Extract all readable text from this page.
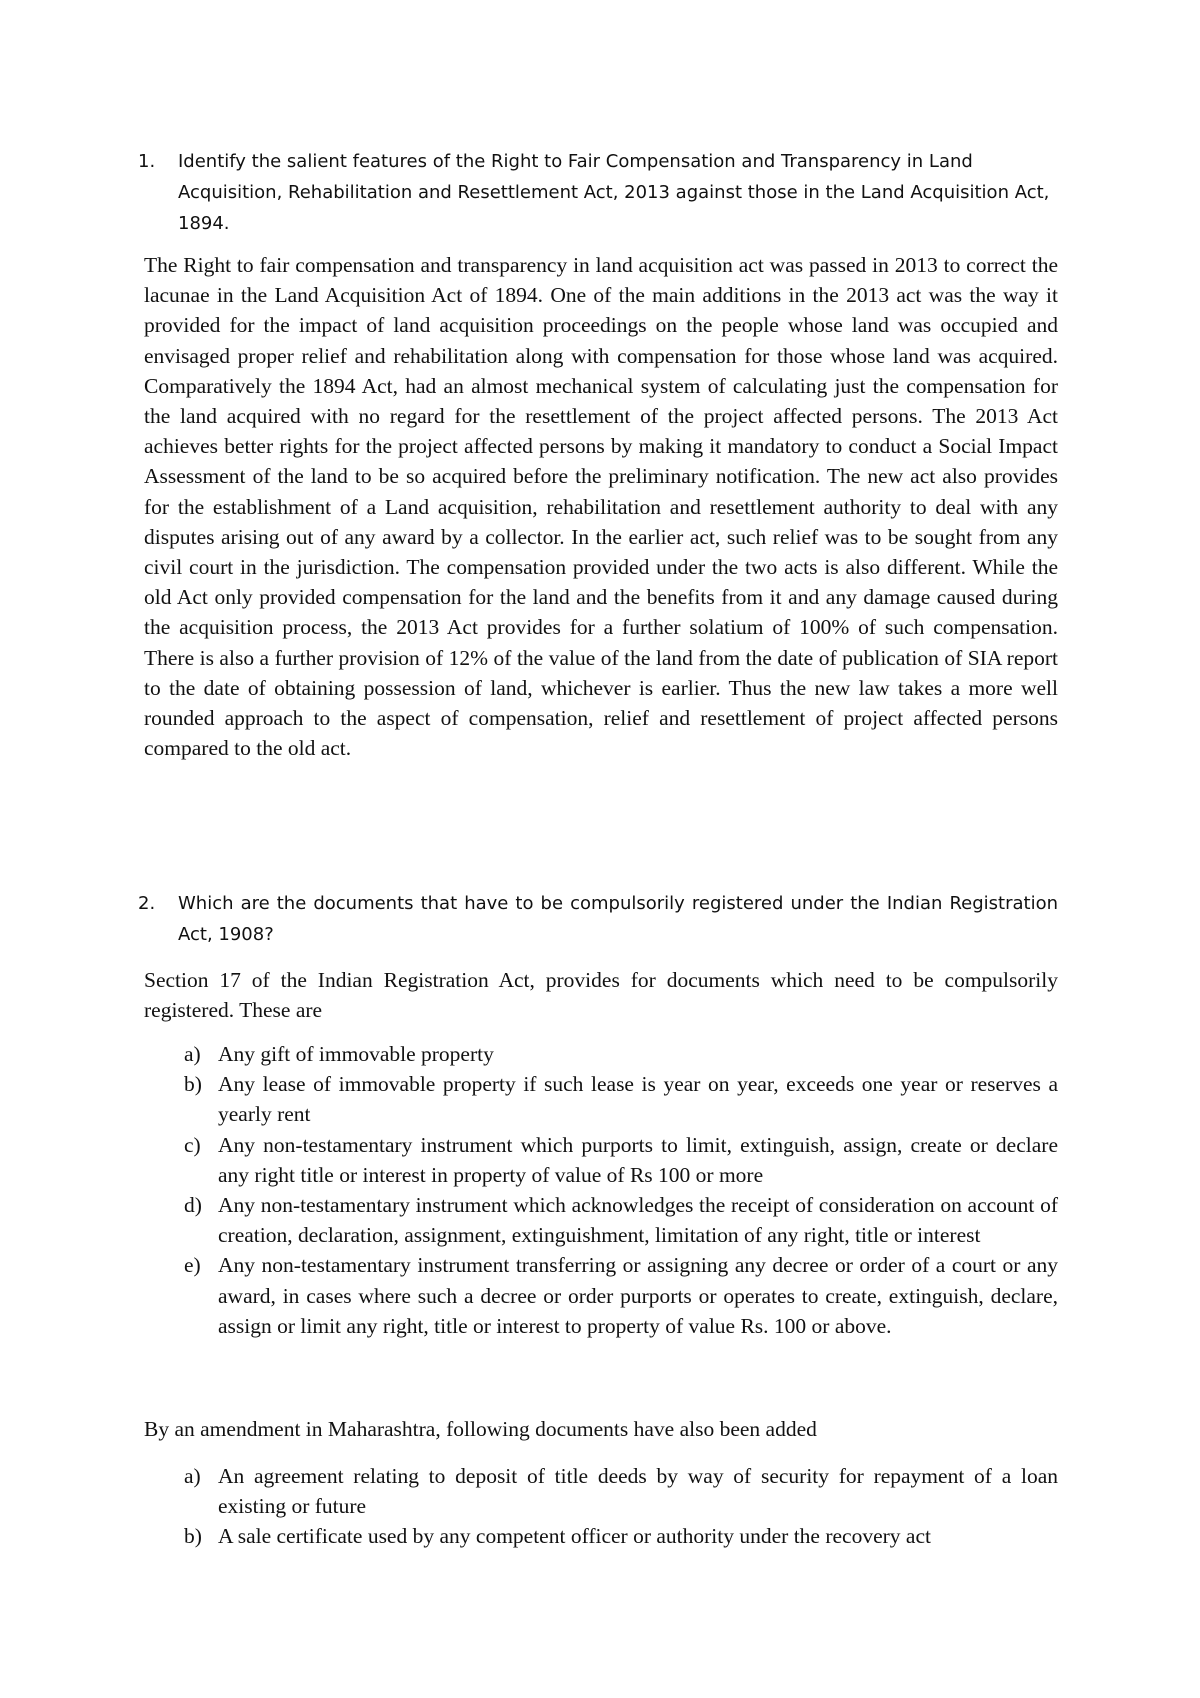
1. Identify the salient features of the Right to Fair Compensation and Transparency in Land Acquisition, Rehabilitation and Resettlement Act, 2013 against those in the Land Acquisition Act, 1894.
The Right to fair compensation and transparency in land acquisition act was passed in 2013 to correct the lacunae in the Land Acquisition Act of 1894. One of the main additions in the 2013 act was the way it provided for the impact of land acquisition proceedings on the people whose land was occupied and envisaged proper relief and rehabilitation along with compensation for those whose land was acquired. Comparatively the 1894 Act, had an almost mechanical system of calculating just the compensation for the land acquired with no regard for the resettlement of the project affected persons. The 2013 Act achieves better rights for the project affected persons by making it mandatory to conduct a Social Impact Assessment of the land to be so acquired before the preliminary notification. The new act also provides for the establishment of a Land acquisition, rehabilitation and resettlement authority to deal with any disputes arising out of any award by a collector. In the earlier act, such relief was to be sought from any civil court in the jurisdiction. The compensation provided under the two acts is also different. While the old Act only provided compensation for the land and the benefits from it and any damage caused during the acquisition process, the 2013 Act provides for a further solatium of 100% of such compensation. There is also a further provision of 12% of the value of the land from the date of publication of SIA report to the date of obtaining possession of land, whichever is earlier. Thus the new law takes a more well rounded approach to the aspect of compensation, relief and resettlement of project affected persons compared to the old act.
2. Which are the documents that have to be compulsorily registered under the Indian Registration Act, 1908?
Section 17 of the Indian Registration Act, provides for documents which need to be compulsorily registered. These are
a) Any gift of immovable property
b) Any lease of immovable property if such lease is year on year, exceeds one year or reserves a yearly rent
c) Any non-testamentary instrument which purports to limit, extinguish, assign, create or declare any right title or interest in property of value of Rs 100 or more
d) Any non-testamentary instrument which acknowledges the receipt of consideration on account of creation, declaration, assignment, extinguishment, limitation of any right, title or interest
e) Any non-testamentary instrument transferring or assigning any decree or order of a court or any award, in cases where such a decree or order purports or operates to create, extinguish, declare, assign or limit any right, title or interest to property of value Rs. 100 or above.
By an amendment in Maharashtra, following documents have also been added
a) An agreement relating to deposit of title deeds by way of security for repayment of a loan existing or future
b) A sale certificate used by any competent officer or authority under the recovery act
